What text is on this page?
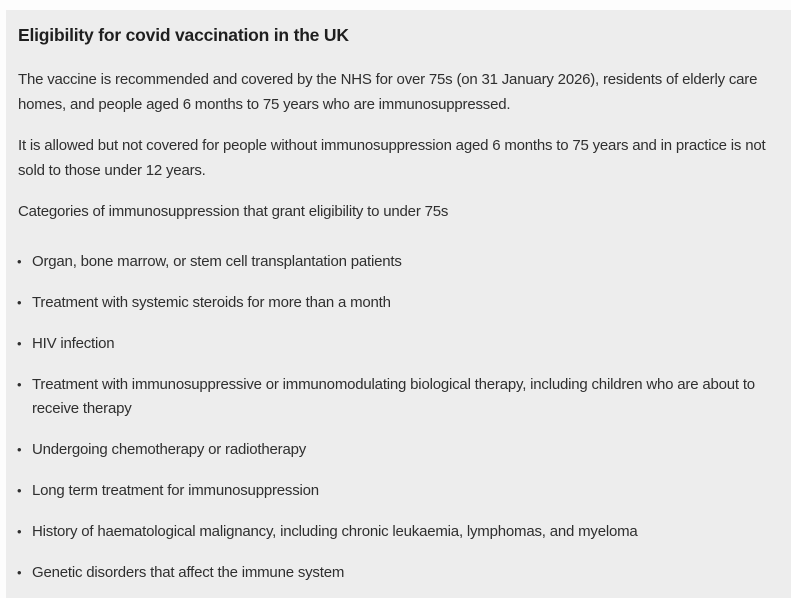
Eligibility for covid vaccination in the UK

The vaccine is recommended and covered by the NHS for over 75s (on 31 January 2026), residents of elderly care homes, and people aged 6 months to 75 years who are immunosuppressed.

It is allowed but not covered for people without immunosuppression aged 6 months to 75 years and in practice is not sold to those under 12 years.

Categories of immunosuppression that grant eligibility to under 75s

• Organ, bone marrow, or stem cell transplantation patients
• Treatment with systemic steroids for more than a month
• HIV infection
• Treatment with immunosuppressive or immunomodulating biological therapy, including children who are about to receive therapy
• Undergoing chemotherapy or radiotherapy
• Long term treatment for immunosuppression
• History of haematological malignancy, including chronic leukaemia, lymphomas, and myeloma
• Genetic disorders that affect the immune system
